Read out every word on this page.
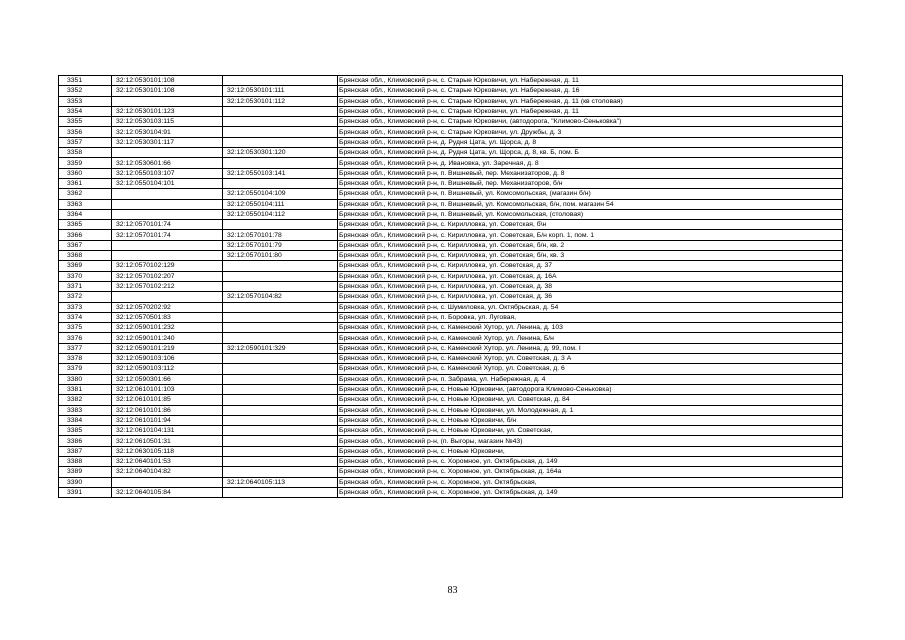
3351	32:12:0530101:108		Брянская обл., Климовский р-н, с. Старые Юрковичи, ул. Набережная, д. 11
3352	32:12:0530101:108	32:12:0530101:111	Брянская обл., Климовский р-н, с. Старые Юрковичи, ул. Набережная, д. 16
3353		32:12:0530101:112	Брянская обл., Климовский р-н, с. Старые Юрковичи, ул. Набережная, д. 11 (кв столовая)
3354	32:12:0530101:123		Брянская обл., Климовский р-н, с. Старые Юрковичи, ул. Набережная, д. 11
3355	32:12:0530103:115		Брянская обл., Климовский р-н, с. Старые Юрковичи, (автодорога, "Климово-Сеньковка")
3356	32:12:0530104:91		Брянская обл., Климовский р-н, с. Старые Юрковичи, ул. Дружбы, д. 3
3357	32:12:0530301:117		Брянская обл., Климовский р-н, д. Рудня Цата, ул. Щорса, д. 8
3358		32:12:0530301:120	Брянская обл., Климовский р-н, д. Рудня Цата, ул. Щорса, д. 8, кв. Б, пом. Б
3359	32:12:0530601:66		Брянская обл., Климовский р-н, д. Ивановка, ул. Заречная, д. 8
3360	32:12:0550103:107	32:12:0550103:141	Брянская обл., Климовский р-н, п. Вишневый, пер. Механизаторов, д. 8
3361	32:12:0550104:101		Брянская обл., Климовский р-н, п. Вишневый, пер. Механизаторов, б/н
3362		32:12:0550104:109	Брянская обл., Климовский р-н, п. Вишневый, ул. Комсомольская, (магазин б/н)
3363		32:12:0550104:111	Брянская обл., Климовский р-н, п. Вишневый, ул. Комсомольская, б/н, пом. магазин 54
3364		32:12:0550104:112	Брянская обл., Климовский р-н, п. Вишневый, ул. Комсомольская, (столовая)
3365	32:12:0570101:74		Брянская обл., Климовский р-н, с. Кирилловка, ул. Советская, б\н
3366	32:12:0570101:74	32:12:0570101:78	Брянская обл., Климовский р-н, с. Кирилловка, ул. Советская, Б/н корп. 1, пом. 1
3367		32:12:0570101:79	Брянская обл., Климовский р-н, с. Кирилловка, ул. Советская, б/н, кв. 2
3368		32:12:0570101:80	Брянская обл., Климовский р-н, с. Кирилловка, ул. Советская, б/н, кв. 3
3369	32:12:0570102:129		Брянская обл., Климовский р-н, с. Кирилловка, ул. Советская, д. 37
3370	32:12:0570102:207		Брянская обл., Климовский р-н, с. Кирилловка, ул. Советская, д. 16А
3371	32:12:0570102:212		Брянская обл., Климовский р-н, с. Кирилловка, ул. Советская, д. 38
3372		32:12:0570104:82	Брянская обл., Климовский р-н, с. Кирилловка, ул. Советская, д. 36
3373	32:12:0570202:92		Брянская обл., Климовский р-н, с. Шумиловка, ул. Октябрьская, д. 54
3374	32:12:0570501:83		Брянская обл., Климовский р-н, п. Боровка, ул. Луговая,
3375	32:12:0590101:232		Брянская обл., Климовский р-н, с. Каменский Хутор, ул. Ленина, д. 103
3376	32:12:0590101:240		Брянская обл., Климовский р-н, с. Каменский Хутор, ул. Ленина, Б/н
3377	32:12:0590101:219	32:12:0590101:329	Брянская обл., Климовский р-н, с. Каменский Хутор, ул. Ленина, д. 99, пом. I
3378	32:12:0590103:106		Брянская обл., Климовский р-н, с. Каменский Хутор, ул. Советская, д. 3 А
3379	32:12:0590103:112		Брянская обл., Климовский р-н, с. Каменский Хутор, ул. Советская, д. 6
3380	32:12:0590301:66		Брянская обл., Климовский р-н, п. Забрама, ул. Набережная, д. 4
3381	32:12:0610101:103		Брянская обл., Климовский р-н, с. Новые Юрковичи, (автодорога Климово-Сеньковка)
3382	32:12:0610101:85		Брянская обл., Климовский р-н, с. Новые Юрковичи, ул. Советская, д. 84
3383	32:12:0610101:86		Брянская обл., Климовский р-н, с. Новые Юрковичи, ул. Молодежная, д. 1
3384	32:12:0610101:94		Брянская обл., Климовский р-н, с. Новые Юрковичи, б/н
3385	32:12:0610104:131		Брянская обл., Климовский р-н, с. Новые Юрковичи, ул. Советская,
3386	32:12:0610501:31		Брянская обл., Климовский р-н, (п. Выгоры, магазин №43)
3387	32:12:0630105:118		Брянская обл., Климовский р-н, с. Новые Юрковичи,
3388	32:12:0640101:53		Брянская обл., Климовский р-н, с. Хоромное, ул. Октябрьская, д. 149
3389	32:12:0640104:82		Брянская обл., Климовский р-н, с. Хоромное, ул. Октябрьская, д. 164а
3390		32:12:0640105:113	Брянская обл., Климовский р-н, с. Хоромное, ул. Октябрьская,
3391	32:12:0640105:84		Брянская обл., Климовский р-н, с. Хоромное, ул. Октябрьская, д. 149
83
